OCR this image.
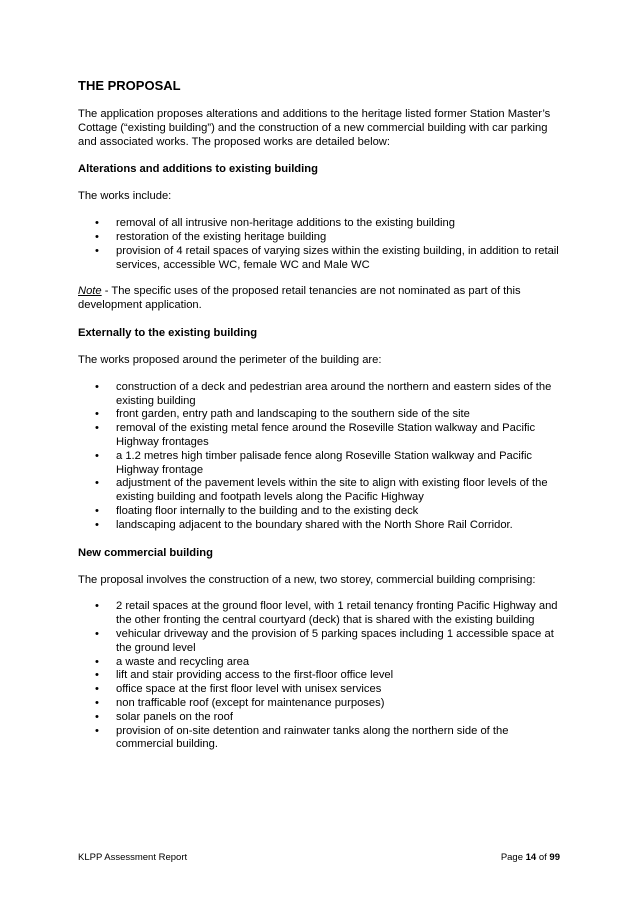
THE PROPOSAL

The application proposes alterations and additions to the heritage listed former Station Master’s Cottage (“existing building”) and the construction of a new commercial building with car parking and associated works. The proposed works are detailed below:

Alterations and additions to existing building

The works include:

• removal of all intrusive non-heritage additions to the existing building
• restoration of the existing heritage building
• provision of 4 retail spaces of varying sizes within the existing building, in addition to retail services, accessible WC, female WC and Male WC

Note - The specific uses of the proposed retail tenancies are not nominated as part of this development application.

Externally to the existing building

The works proposed around the perimeter of the building are:

• construction of a deck and pedestrian area around the northern and eastern sides of the existing building
• front garden, entry path and landscaping to the southern side of the site
• removal of the existing metal fence around the Roseville Station walkway and Pacific Highway frontages
• a 1.2 metres high timber palisade fence along Roseville Station walkway and Pacific Highway frontage
• adjustment of the pavement levels within the site to align with existing floor levels of the existing building and footpath levels along the Pacific Highway
• floating floor internally to the building and to the existing deck
• landscaping adjacent to the boundary shared with the North Shore Rail Corridor.
New commercial building

The proposal involves the construction of a new, two storey, commercial building comprising:

• 2 retail spaces at the ground floor level, with 1 retail tenancy fronting Pacific Highway and the other fronting the central courtyard (deck) that is shared with the existing building
• vehicular driveway and the provision of 5 parking spaces including 1 accessible space at the ground level
• a waste and recycling area
• lift and stair providing access to the first-floor office level
• office space at the first floor level with unisex services
• non trafficable roof (except for maintenance purposes)
• solar panels on the roof
• provision of on-site detention and rainwater tanks along the northern side of the commercial building.
KLPP Assessment Report	Page 14 of 99
